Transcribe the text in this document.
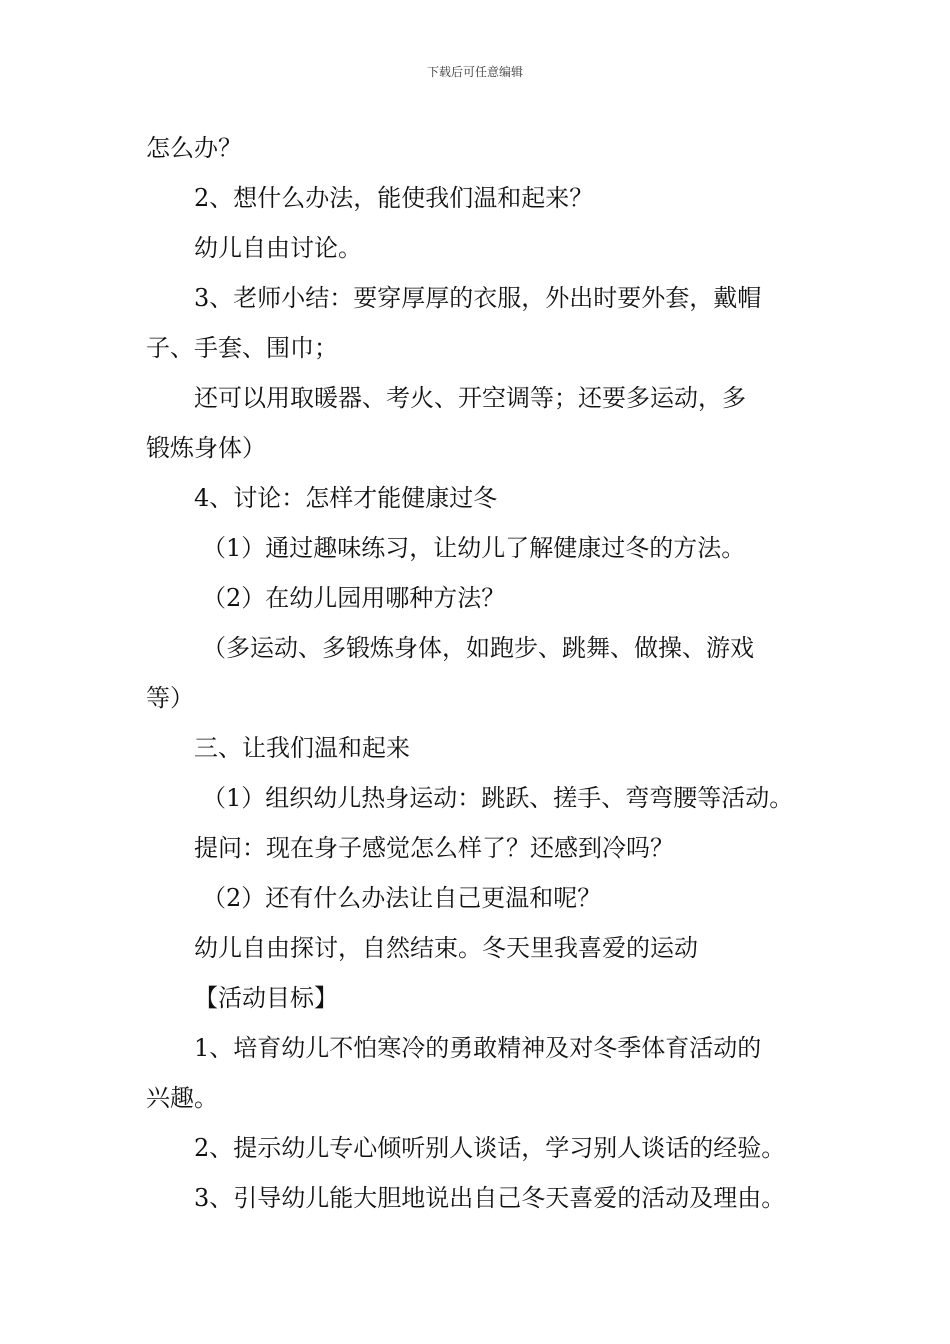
下载后可任意编辑
怎么办？
2、想什么办法，能使我们温和起来？
幼儿自由讨论。
3、老师小结：要穿厚厚的衣服，外出时要外套，戴帽
子、手套、围巾；
还可以用取暖器、考火、开空调等；还要多运动，多
锻炼身体）
4、讨论：怎样才能健康过冬
（1）通过趣味练习，让幼儿了解健康过冬的方法。
（2）在幼儿园用哪种方法？
（多运动、多锻炼身体，如跑步、跳舞、做操、游戏
等）
三、让我们温和起来
（1）组织幼儿热身运动：跳跃、搓手、弯弯腰等活动。
提问：现在身子感觉怎么样了？还感到冷吗？
（2）还有什么办法让自己更温和呢？
幼儿自由探讨，自然结束。冬天里我喜爱的运动
【活动目标】
1、培育幼儿不怕寒冷的勇敢精神及对冬季体育活动的
兴趣。
2、提示幼儿专心倾听别人谈话，学习别人谈话的经验。
3、引导幼儿能大胆地说出自己冬天喜爱的活动及理由。
